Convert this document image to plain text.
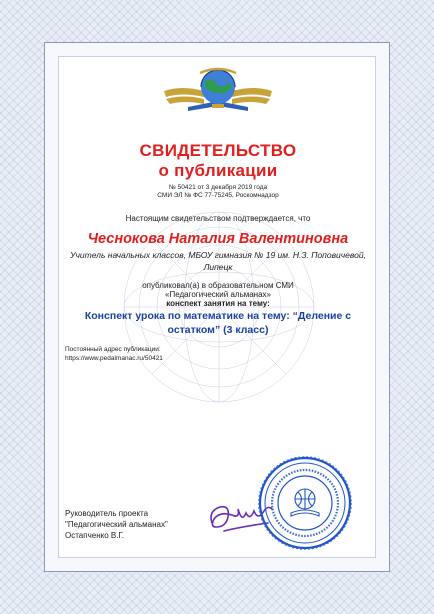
СВИДЕТЕЛЬСТВО
о публикации
№ 50421 от 3 декабря 2019 года
СМИ ЭЛ № ФС 77-75245, Роскомнадзор
Настоящим свидетельством подтверждается, что
Чеснокова Наталия Валентиновна
Учитель начальных классов, МБОУ гимназия № 19 им. Н.З. Поповичевой, Липецк
опубликовал(а) в образовательном СМИ
«Педагогический альманах»
конспект занятия на тему:
Конспект урока по математике на тему: “Деление с остатком” (3 класс)
Постоянный адрес публикации:
https://www.pedalmanac.ru/50421
Руководитель проекта
"Педагогический альманах"
Остапченко В.Г.
